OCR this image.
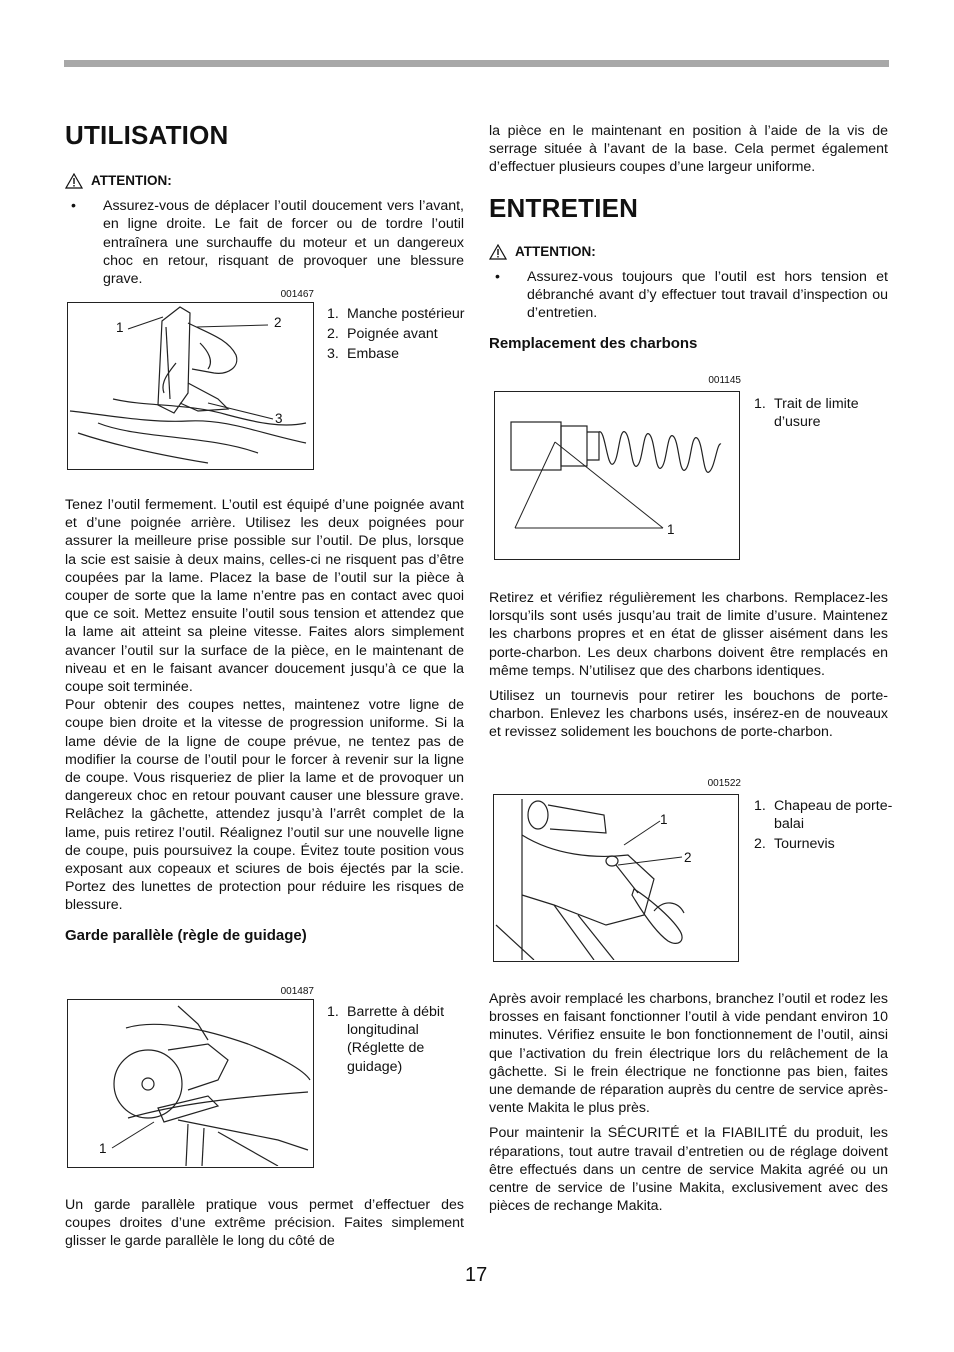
UTILISATION
ATTENTION:
•	Assurez-vous de déplacer l’outil doucement vers l’avant, en ligne droite. Le fait de forcer ou de tordre l’outil entraînera une surchauffe du moteur et un dangereux choc en retour, risquant de provoquer une blessure grave.
001467
1	2
3
1. Manche postérieur
2. Poignée avant
3. Embase

Tenez l’outil fermement. L’outil est équipé d’une poignée avant et d’une poignée arrière. Utilisez les deux poignées pour assurer la meilleure prise possible sur l’outil. De plus, lorsque la scie est saisie à deux mains, celles-ci ne risquent pas d’être coupées par la lame. Placez la base de l’outil sur la pièce à couper de sorte que la lame n’entre pas en contact avec quoi que ce soit. Mettez ensuite l’outil sous tension et attendez que la lame ait atteint sa pleine vitesse. Faites alors simplement avancer l’outil sur la surface de la pièce, en le maintenant de niveau et en le faisant avancer doucement jusqu’à ce que la coupe soit terminée.

Pour obtenir des coupes nettes, maintenez votre ligne de coupe bien droite et la vitesse de progression uniforme. Si la lame dévie de la ligne de coupe prévue, ne tentez pas de modifier la course de l’outil pour le forcer à revenir sur la ligne de coupe. Vous risqueriez de plier la lame et de provoquer un dangereux choc en retour pouvant causer une blessure grave. Relâchez la gâchette, attendez jusqu’à l’arrêt complet de la lame, puis retirez l’outil. Réalignez l’outil sur une nouvelle ligne de coupe, puis poursuivez la coupe. Évitez toute position vous exposant aux copeaux et sciures de bois éjectés par la scie. Portez des lunettes de protection pour réduire les risques de blessure.

Garde parallèle (règle de guidage)
001487
1
1. Barrette à débit longitudinal (Réglette de guidage)

Un garde parallèle pratique vous permet d’effectuer des coupes droites d’une extrême précision. Faites simplement glisser le garde parallèle le long du côté de

la pièce en le maintenant en position à l’aide de la vis de serrage située à l’avant de la base. Cela permet également d’effectuer plusieurs coupes d’une largeur uniforme.

ENTRETIEN
ATTENTION:
•	Assurez-vous toujours que l’outil est hors tension et débranché avant d’y effectuer tout travail d’inspection ou d’entretien.
Remplacement des charbons
001145
1
1. Trait de limite d’usure

Retirez et vérifiez régulièrement les charbons. Remplacez-les lorsqu’ils sont usés jusqu’au trait de limite d’usure. Maintenez les charbons propres et en état de glisser aisément dans les porte-charbon. Les deux charbons doivent être remplacés en même temps. N’utilisez que des charbons identiques.

Utilisez un tournevis pour retirer les bouchons de porte-charbon. Enlevez les charbons usés, insérez-en de nouveaux et revissez solidement les bouchons de porte-charbon.

001522
1
2
1. Chapeau de porte-balai
2. Tournevis

Après avoir remplacé les charbons, branchez l’outil et rodez les brosses en faisant fonctionner l’outil à vide pendant environ 10 minutes. Vérifiez ensuite le bon fonctionnement de l’outil, ainsi que l’activation du frein électrique lors du relâchement de la gâchette. Si le frein électrique ne fonctionne pas bien, faites une demande de réparation auprès du centre de service après-vente Makita le plus près.

Pour maintenir la SÉCURITÉ et la FIABILITÉ du produit, les réparations, tout autre travail d’entretien ou de réglage doivent être effectués dans un centre de service Makita agréé ou un centre de service de l’usine Makita, exclusivement avec des pièces de rechange Makita.

17
